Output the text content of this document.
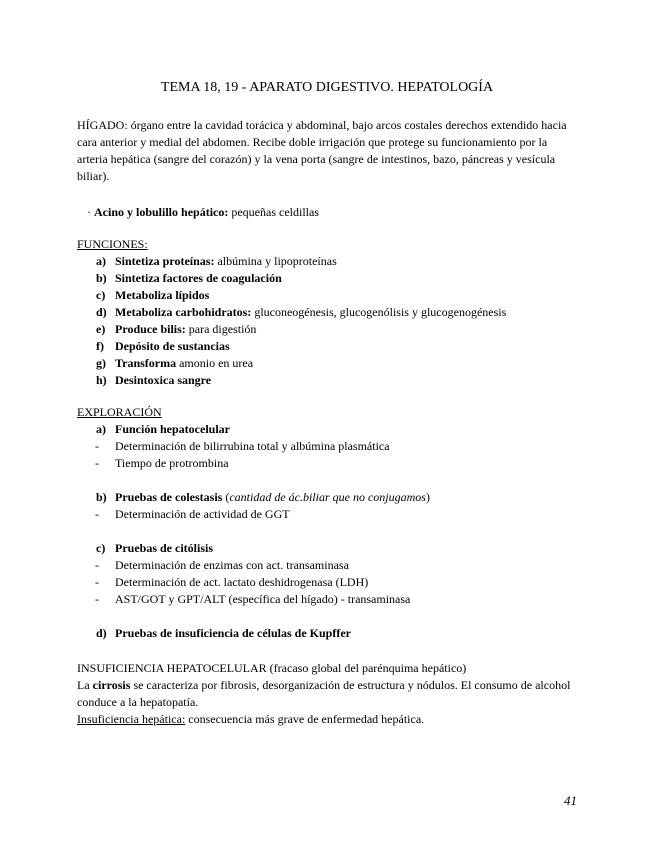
TEMA 18, 19 - APARATO DIGESTIVO. HEPATOLOGÍA
HÍGADO: órgano entre la cavidad torácica y abdominal, bajo arcos costales derechos extendido hacia cara anterior y medial del abdomen. Recibe doble irrigación que protege su funcionamiento por la arteria hepática (sangre del corazón) y la vena porta (sangre de intestinos, bazo, páncreas y vesícula biliar).
· Acino y lobulillo hepático: pequeñas celdillas
FUNCIONES:
a) Sintetiza proteínas: albúmina y lipoproteínas
b) Sintetiza factores de coagulación
c) Metaboliza lípidos
d) Metaboliza carbohidratos: gluconeogénesis, glucogenólisis y glucogenogénesis
e) Produce bilis: para digestión
f) Depósito de sustancias
g) Transforma amonio en urea
h) Desintoxica sangre
EXPLORACIÓN
a) Función hepatocelular
- Determinación de bilirrubina total y albúmina plasmática
- Tiempo de protrombina
b) Pruebas de colestasis (cantidad de ác.biliar que no conjugamos)
- Determinación de actividad de GGT
c) Pruebas de citólisis
- Determinación de enzimas con act. transaminasa
- Determinación de act. lactato deshidrogenasa (LDH)
- AST/GOT y GPT/ALT (específica del hígado) - transaminasa
d) Pruebas de insuficiencia de células de Kupffer
INSUFICIENCIA HEPATOCELULAR (fracaso global del parénquima hepático)
La cirrosis se caracteriza por fibrosis, desorganización de estructura y nódulos. El consumo de alcohol conduce a la hepatopatía.
Insuficiencia hepática: consecuencia más grave de enfermedad hepática.
41
